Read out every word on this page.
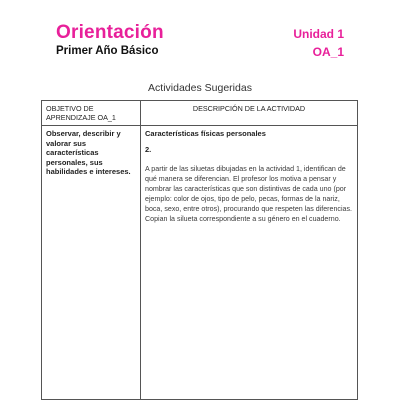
Orientación
Primer Año Básico
Unidad 1
OA_1
Actividades Sugeridas
OBJETIVO DE APRENDIZAJE OA_1	DESCRIPCIÓN DE LA ACTIVIDAD

Observar, describir y valorar sus características personales, sus habilidades e intereses.	Características físicas personales
2.
A partir de las siluetas dibujadas en la actividad 1, identifican de qué manera se diferencian. El profesor los motiva a pensar y nombrar las características que son distintivas de cada uno (por ejemplo: color de ojos, tipo de pelo, pecas, formas de la nariz, boca, sexo, entre otros), procurando que respeten las diferencias. Copian la silueta correspondiente a su género en el cuaderno.
